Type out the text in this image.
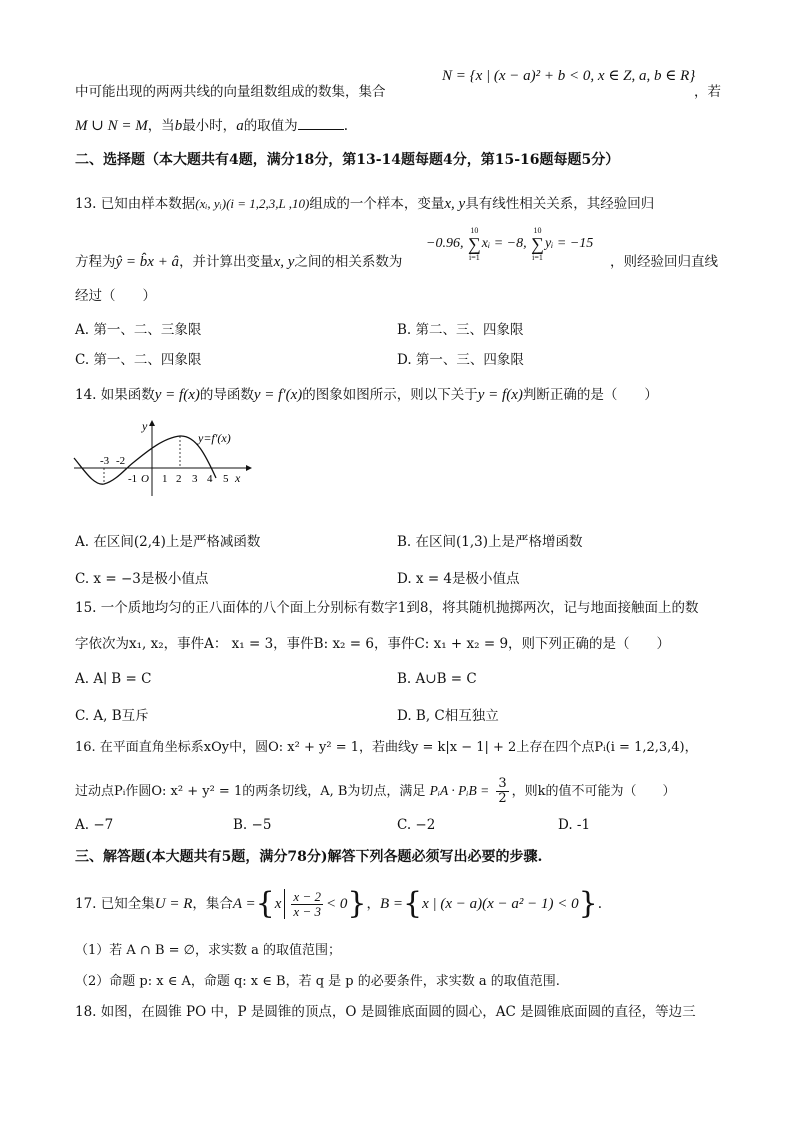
中可能出现的两两共线的向量组数组成的数集，集合
N = {x | (x − a)² + b < 0, x ∈ Z, a, b ∈ R}
，若
M ∪ N = M，当b最小时，a的取值为	.
二、选择题（本大题共有4题，满分18分，第13-14题每题4分，第15-16题每题5分）
13. 已知由样本数据(xᵢ, yᵢ)(i = 1,2,3,L ,10)组成的一个样本，变量x, y具有线性相关关系，其经验回归
方程为ŷ = b̂x + â，并计算出变量x, y之间的相关系数为
−0.96,
10
∑
i=1
xᵢ = −8,
10
∑
i=1
yᵢ = −15
，则经验回归直线
经过（　　）
A. 第一、二、三象限	B. 第二、三、四象限
C. 第一、二、四象限	D. 第一、三、四象限
14. 如果函数y = f(x)的导函数y = f′(x)的图象如图所示，则以下关于y = f(x)判断正确的是（　　）
y
y=f′(x)
-3 -2
-1 O 1 2 3 4 5 x
A. 在区间(2,4)上是严格减函数	B. 在区间(1,3)上是严格增函数
C. x = −3是极小值点	D. x = 4是极小值点
15. 一个质地均匀的正八面体的八个面上分别标有数字1到8，将其随机抛掷两次，记与地面接触面上的数
字依次为x₁, x₂，事件A： x₁ = 3，事件B: x₂ = 6，事件C: x₁ + x₂ = 9，则下列正确的是（　　）
A. A∣ B = C	B. A∪B = C
C. A, B互斥	D. B, C相互独立
16. 在平面直角坐标系xOy中，圆O: x² + y² = 1，若曲线y = k|x − 1| + 2上存在四个点Pᵢ(i = 1,2,3,4)，
过动点Pᵢ作圆O: x² + y² = 1的两条切线，A, B为切点，满足 PᵢA · PᵢB = $\frac{3}{2}$ ，则k的值不可能为（　　）
A. −7	B. −5	C. −2	D. -1
三、解答题(本大题共有5题，满分78分)解答下列各题必须写出必要的步骤.
17. 已知全集 U = R ，集合 A = { x $\frac{x - 2}{x - 3} < 0$ } ， B = { x | (x − a)(x − a² − 1) < 0 } .
（1）若 A ∩ B = ∅，求实数 a 的取值范围；
（2）命题 p: x ∈ A，命题 q: x ∈ B，若 q 是 p 的必要条件，求实数 a 的取值范围.
18. 如图，在圆锥 PO 中，P 是圆锥的顶点，O 是圆锥底面圆的圆心，AC 是圆锥底面圆的直径，等边三
